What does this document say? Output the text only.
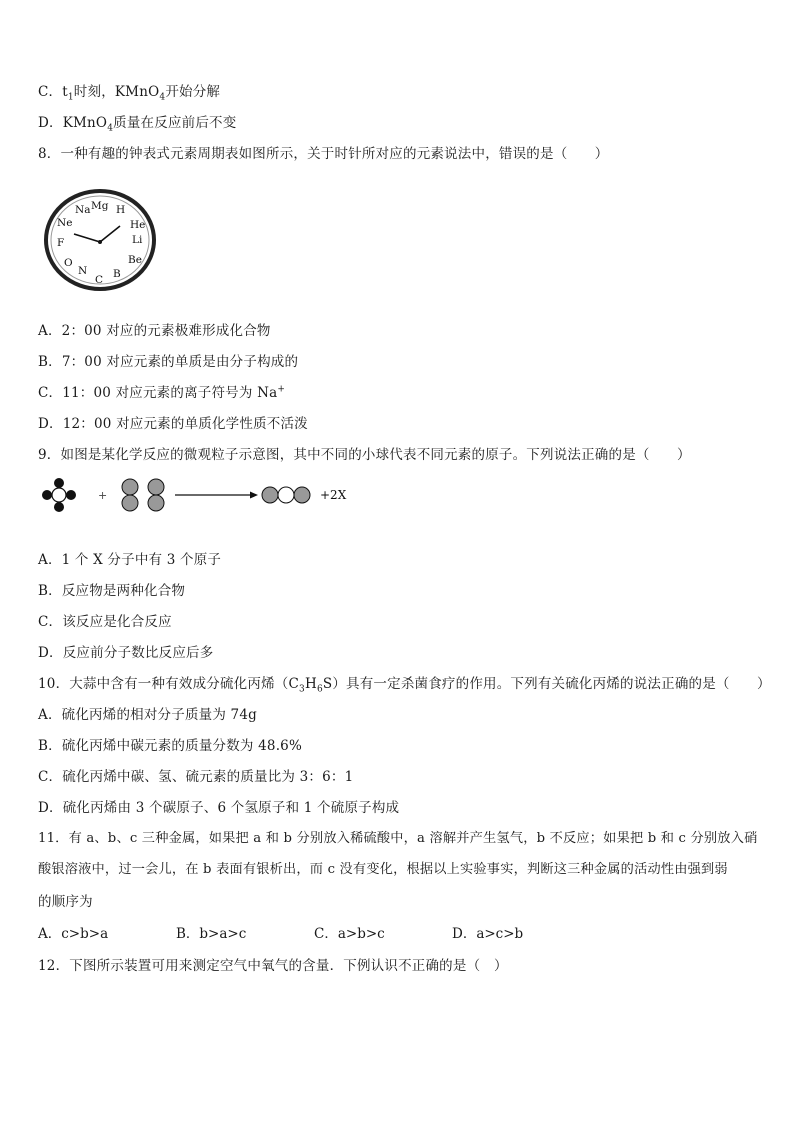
C．$t_1$时刻，KMnO$_4$开始分解
D．KMnO$_4$质量在反应前后不变
8．一种有趣的钟表式元素周期表如图所示，关于时针所对应的元素说法中，错误的是（　　）
H
He
Li
Be
B
C
N
O
F
Ne
Na Mg
A．2：00 对应的元素极难形成化合物
B．7：00 对应元素的单质是由分子构成的
C．11：00 对应元素的离子符号为 Na+
D．12：00 对应元素的单质化学性质不活泼
9．如图是某化学反应的微观粒子示意图，其中不同的小球代表不同元素的原子。下列说法正确的是（　　）
+	+2X
A．1 个 X 分子中有 3 个原子
B．反应物是两种化合物
C．该反应是化合反应
D．反应前分子数比反应后多
10．大蒜中含有一种有效成分硫化丙烯$(C_3H_6S)$具有一定杀菌食疗的作用。下列有关硫化丙烯的说法正确的是（　　）
A．硫化丙烯的相对分子质量为 74g
B．硫化丙烯中碳元素的质量分数为 48.6%
C．硫化丙烯中碳、氢、硫元素的质量比为 3：6：1
D．硫化丙烯由 3 个碳原子、6 个氢原子和 1 个硫原子构成
11．有 a、b、c 三种金属，如果把 a 和 b 分别放入稀硫酸中，a 溶解并产生氢气，b 不反应；如果把 b 和 c 分别放入硝
酸银溶液中，过一会儿，在 b 表面有银析出，而 c 没有变化，根据以上实验事实，判断这三种金属的活动性由强到弱
的顺序为
A．c>b>a	B．b>a>c	C．a>b>c	D．a>c>b
12．下图所示装置可用来测定空气中氧气的含量．下例认识不正确的是（　）
